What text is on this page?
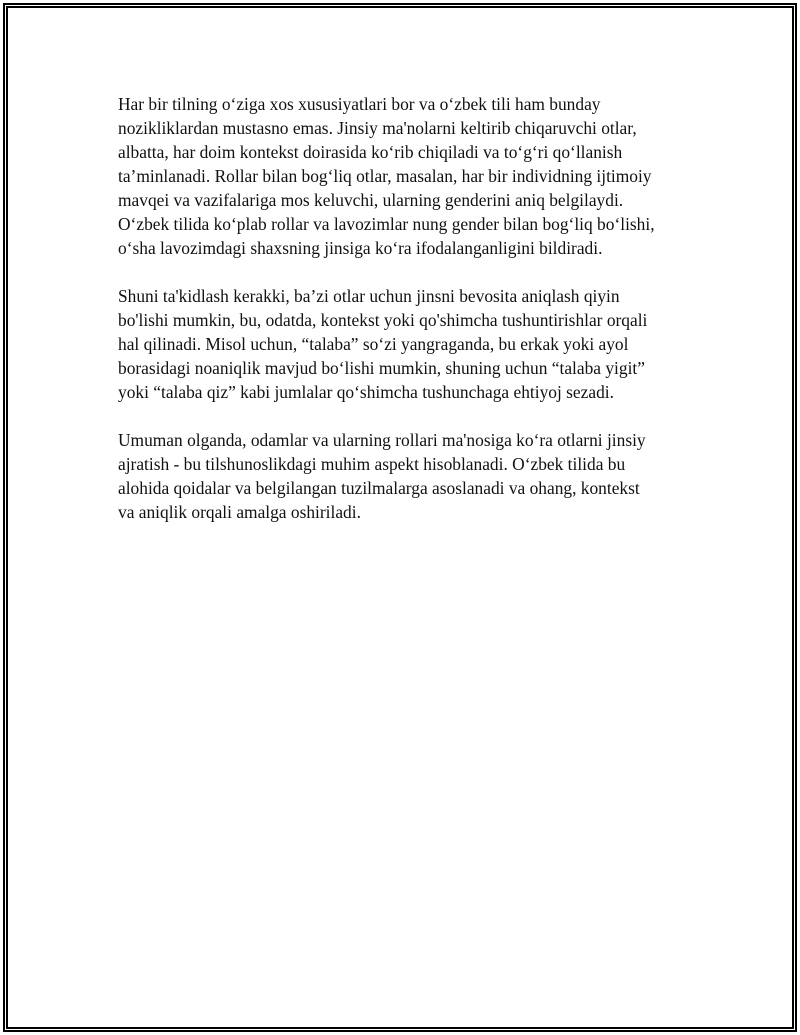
Har bir tilning o‘ziga xos xususiyatlari bor va o‘zbek tili ham bunday
nozikliklardan mustasno emas. Jinsiy ma'nolarni keltirib chiqaruvchi otlar,
albatta, har doim kontekst doirasida ko‘rib chiqiladi va to‘g‘ri qo‘llanish
ta’minlanadi. Rollar bilan bog‘liq otlar, masalan, har bir individning ijtimoiy
mavqei va vazifalariga mos keluvchi, ularning genderini aniq belgilaydi.
O‘zbek tilida ko‘plab rollar va lavozimlar nung gender bilan bog‘liq bo‘lishi,
o‘sha lavozimdagi shaxsning jinsiga ko‘ra ifodalanganligini bildiradi.

Shuni ta'kidlash kerakki, ba’zi otlar uchun jinsni bevosita aniqlash qiyin
bo'lishi mumkin, bu, odatda, kontekst yoki qo'shimcha tushuntirishlar orqali
hal qilinadi. Misol uchun, “talaba” so‘zi yangraganda, bu erkak yoki ayol
borasidagi noaniqlik mavjud bo‘lishi mumkin, shuning uchun “talaba yigit”
yoki “talaba qiz” kabi jumlalar qo‘shimcha tushunchaga ehtiyoj sezadi.

Umuman olganda, odamlar va ularning rollari ma'nosiga ko‘ra otlarni jinsiy
ajratish - bu tilshunoslikdagi muhim aspekt hisoblanadi. O‘zbek tilida bu
alohida qoidalar va belgilangan tuzilmalarga asoslanadi va ohang, kontekst
va aniqlik orqali amalga oshiriladi.
